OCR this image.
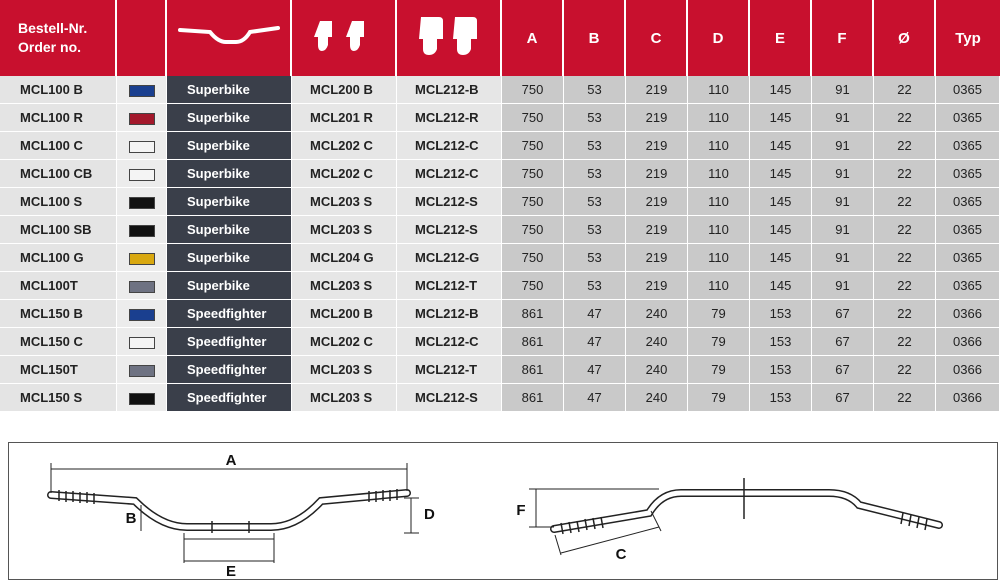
Bestell-Nr.
Order no.					A	B	C	D	E	F	Ø	Typ
MCL100 B		Superbike	MCL200 B	MCL212-B	750	53	219	110	145	91	22	0365
MCL100 R		Superbike	MCL201 R	MCL212-R	750	53	219	110	145	91	22	0365
MCL100 C		Superbike	MCL202 C	MCL212-C	750	53	219	110	145	91	22	0365
MCL100 CB		Superbike	MCL202 C	MCL212-C	750	53	219	110	145	91	22	0365
MCL100 S		Superbike	MCL203 S	MCL212-S	750	53	219	110	145	91	22	0365
MCL100 SB		Superbike	MCL203 S	MCL212-S	750	53	219	110	145	91	22	0365
MCL100 G		Superbike	MCL204 G	MCL212-G	750	53	219	110	145	91	22	0365
MCL100T		Superbike	MCL203 S	MCL212-T	750	53	219	110	145	91	22	0365
MCL150 B		Speedfighter	MCL200 B	MCL212-B	861	47	240	79	153	67	22	0366
MCL150 C		Speedfighter	MCL202 C	MCL212-C	861	47	240	79	153	67	22	0366
MCL150T		Speedfighter	MCL203 S	MCL212-T	861	47	240	79	153	67	22	0366
MCL150 S		Speedfighter	MCL203 S	MCL212-S	861	47	240	79	153	67	22	0366
A
B	D
E
F
C
